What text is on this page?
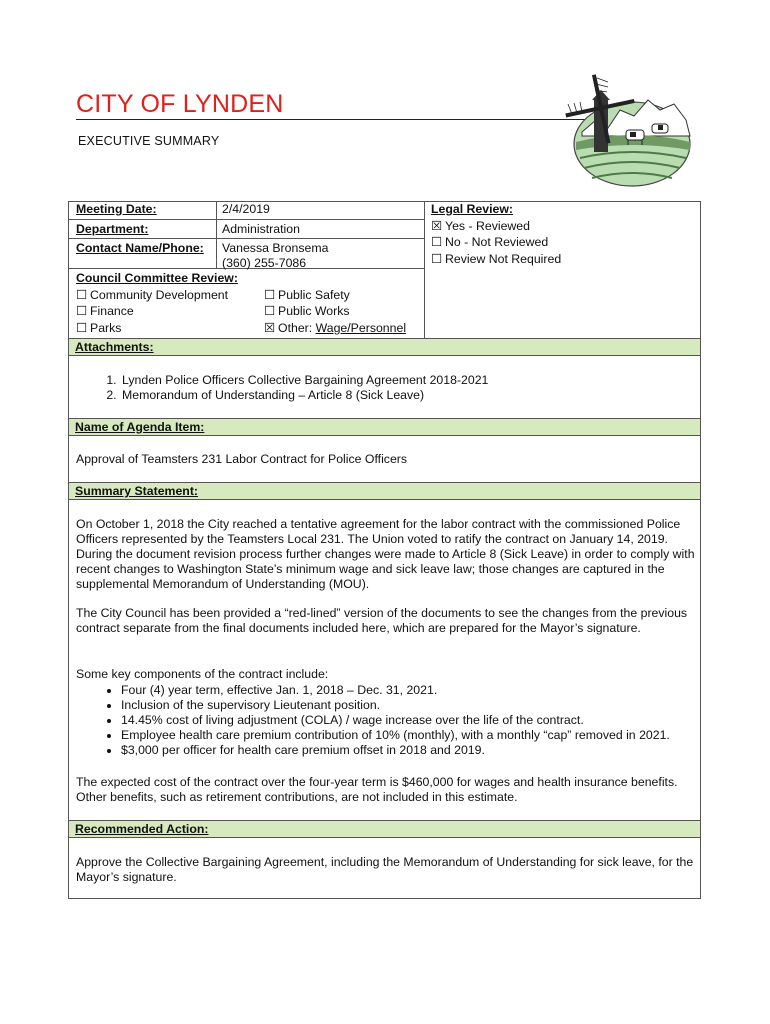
CITY OF LYNDEN
EXECUTIVE SUMMARY
Meeting Date:	2/4/2019
Department:	Administration
Contact Name/Phone: Vanessa Bronsema
(360) 255-7086
Council Committee Review:
☐ Community Development
☐ Finance
☐ Parks
☐ Public Safety
☐ Public Works
☒ Other: Wage/Personnel
Legal Review:
☒ Yes - Reviewed
☐ No - Not Reviewed
☐ Review Not Required
Attachments:
1. Lynden Police Officers Collective Bargaining Agreement 2018-2021
2. Memorandum of Understanding – Article 8 (Sick Leave)
Name of Agenda Item:
Approval of Teamsters 231 Labor Contract for Police Officers
Summary Statement:
On October 1, 2018 the City reached a tentative agreement for the labor contract with the commissioned Police Officers represented by the Teamsters Local 231. The Union voted to ratify the contract on January 14, 2019. During the document revision process further changes were made to Article 8 (Sick Leave) in order to comply with recent changes to Washington State’s minimum wage and sick leave law; those changes are captured in the supplemental Memorandum of Understanding (MOU).
The City Council has been provided a “red-lined” version of the documents to see the changes from the previous contract separate from the final documents included here, which are prepared for the Mayor’s signature.
Some key components of the contract include:
• Four (4) year term, effective Jan. 1, 2018 – Dec. 31, 2021.
• Inclusion of the supervisory Lieutenant position.
• 14.45% cost of living adjustment (COLA) / wage increase over the life of the contract.
• Employee health care premium contribution of 10% (monthly), with a monthly “cap” removed in 2021.
• $3,000 per officer for health care premium offset in 2018 and 2019.
The expected cost of the contract over the four-year term is $460,000 for wages and health insurance benefits. Other benefits, such as retirement contributions, are not included in this estimate.
Recommended Action:
Approve the Collective Bargaining Agreement, including the Memorandum of Understanding for sick leave, for the Mayor’s signature.
